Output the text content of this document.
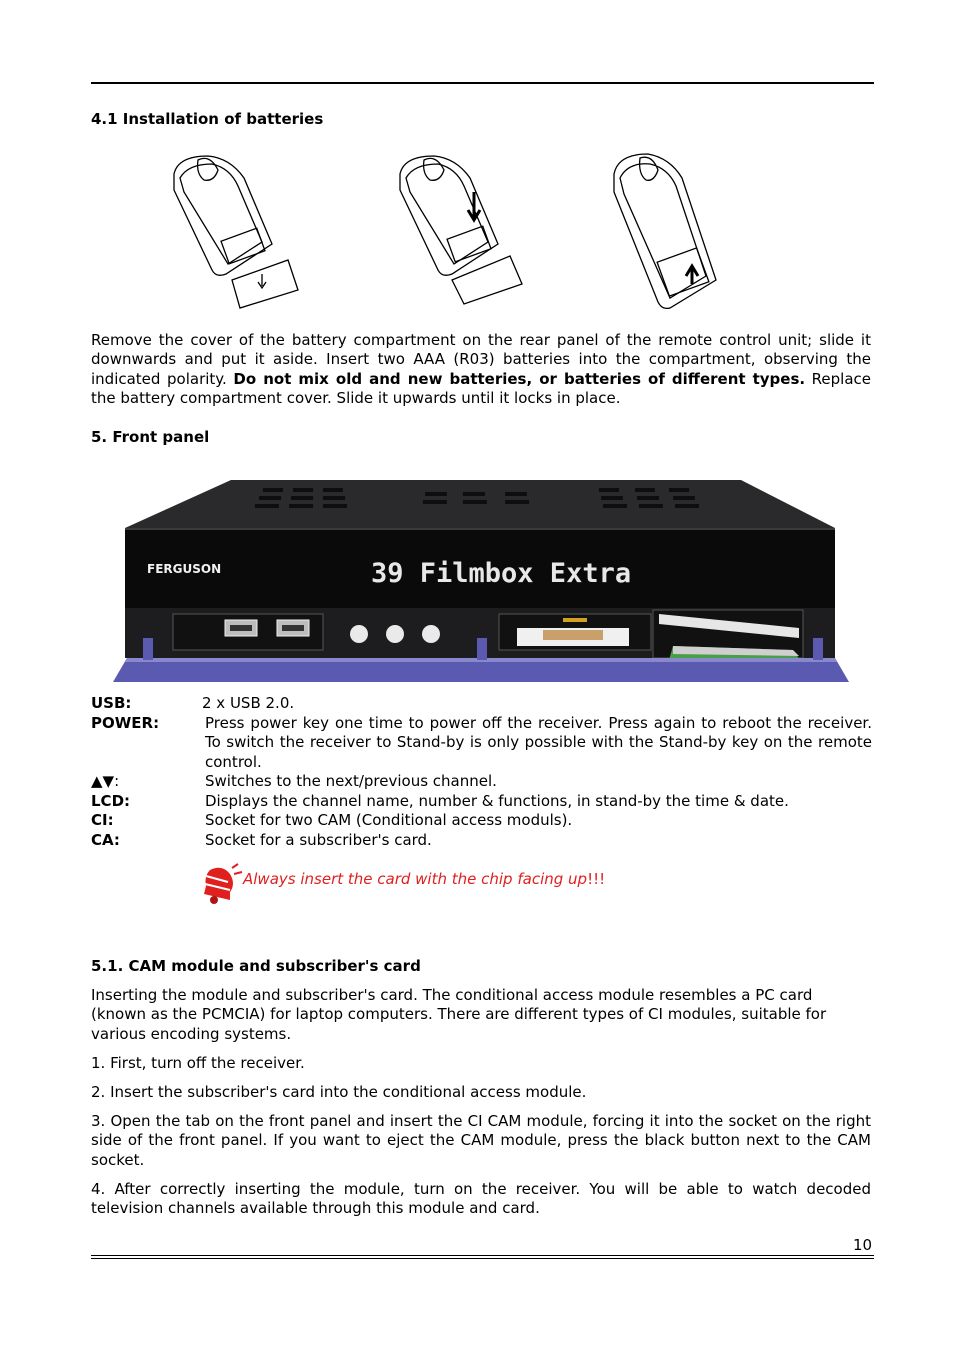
4.1 Installation of batteries

Remove the cover of the battery compartment on the rear panel of the remote control unit; slide it downwards and put it aside. Insert two AAA (R03) batteries into the compartment, observing the indicated polarity. Do not mix old and new batteries, or batteries of different types. Replace the battery compartment cover. Slide it upwards until it locks in place.

5. Front panel
FERGUSON	39 Filmbox Extra
USB:	2 x USB 2.0.
POWER:	Press power key one time to power off the receiver. Press again to reboot the receiver. To switch the receiver to Stand-by is only possible with the Stand-by key on the remote control.
▲▼:	Switches to the next/previous channel.
LCD:	Displays the channel name, number & functions, in stand-by the time & date.
CI:	Socket for two CAM (Conditional access moduls).
CA:	Socket for a subscriber's card.
Always insert the card with the chip facing up!!!
5.1. CAM module and subscriber's card

Inserting the module and subscriber's card. The conditional access module resembles a PC card (known as the PCMCIA) for laptop computers. There are different types of CI modules, suitable for various encoding systems.

1. First, turn off the receiver.

2. Insert the subscriber's card into the conditional access module.

3. Open the tab on the front panel and insert the CI CAM module, forcing it into the socket on the right side of the front panel. If you want to eject the CAM module, press the black button next to the CAM socket.

4. After correctly inserting the module, turn on the receiver. You will be able to watch decoded television channels available through this module and card.

10
